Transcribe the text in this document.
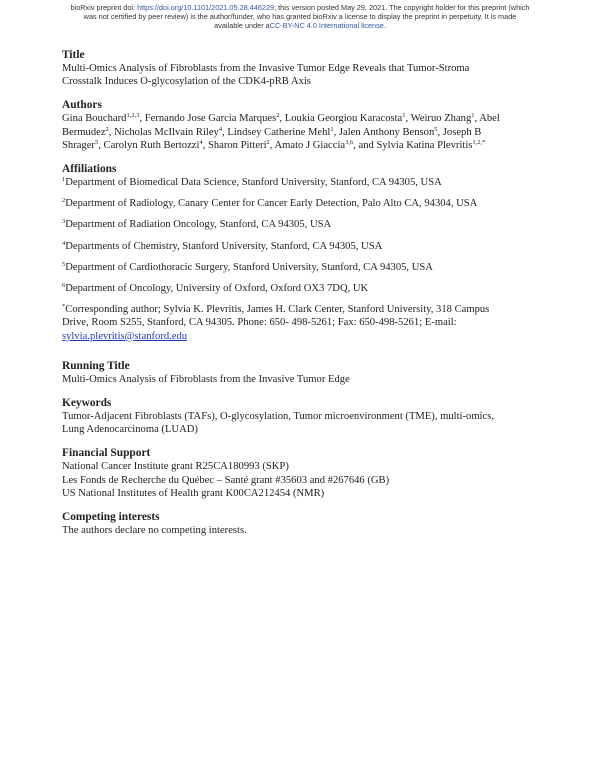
bioRxiv preprint doi: https://doi.org/10.1101/2021.05.28.446229; this version posted May 29, 2021. The copyright holder for this preprint (which
was not certified by peer review) is the author/funder, who has granted bioRxiv a license to display the preprint in perpetuity. It is made
available under aCC-BY-NC 4.0 International license.
Title

Multi-Omics Analysis of Fibroblasts from the Invasive Tumor Edge Reveals that Tumor-Stroma Crosstalk Induces O-glycosylation of the CDK4-pRB Axis

Authors

Gina Bouchard$^{1,2,3}$, Fernando Jose Garcia Marques$^2$, Loukia Georgiou Karacosta$^1$, Weiruo Zhang$^1$, Abel Bermudez$^2$, Nicholas McIlvain Riley$^4$, Lindsey Catherine Mehl$^1$, Jalen Anthony Benson$^5$, Joseph B Shrager$^5$, Carolyn Ruth Bertozzi$^4$, Sharon Pitteri$^2$, Amato J Giaccia$^{3,6}$, and Sylvia Katina Plevritis$^{1,2,*}$

Affiliations

$^1$Department of Biomedical Data Science, Stanford University, Stanford, CA 94305, USA

$^2$Department of Radiology, Canary Center for Cancer Early Detection, Palo Alto CA, 94304, USA

$^3$Department of Radiation Oncology, Stanford, CA 94305, USA

$^4$Departments of Chemistry, Stanford University, Stanford, CA 94305, USA

$^5$Department of Cardiothoracic Surgery, Stanford University, Stanford, CA 94305, USA

$^6$Department of Oncology, University of Oxford, Oxford OX3 7DQ, UK

*Corresponding author; Sylvia K. Plevritis, James H. Clark Center, Stanford University, 318 Campus Drive, Room S255, Stanford, CA 94305. Phone: 650- 498-5261; Fax: 650-498-5261; E-mail: sylvia.plevritis@stanford.edu

Running Title

Multi-Omics Analysis of Fibroblasts from the Invasive Tumor Edge

Keywords

Tumor-Adjacent Fibroblasts (TAFs), O-glycosylation, Tumor microenvironment (TME), multi-omics, Lung Adenocarcinoma (LUAD)

Financial Support

National Cancer Institute grant R25CA180993 (SKP)

Les Fonds de Recherche du Québec – Santé grant #35603 and #267646 (GB)

US National Institutes of Health grant K00CA212454 (NMR)

Competing interests

The authors declare no competing interests.
